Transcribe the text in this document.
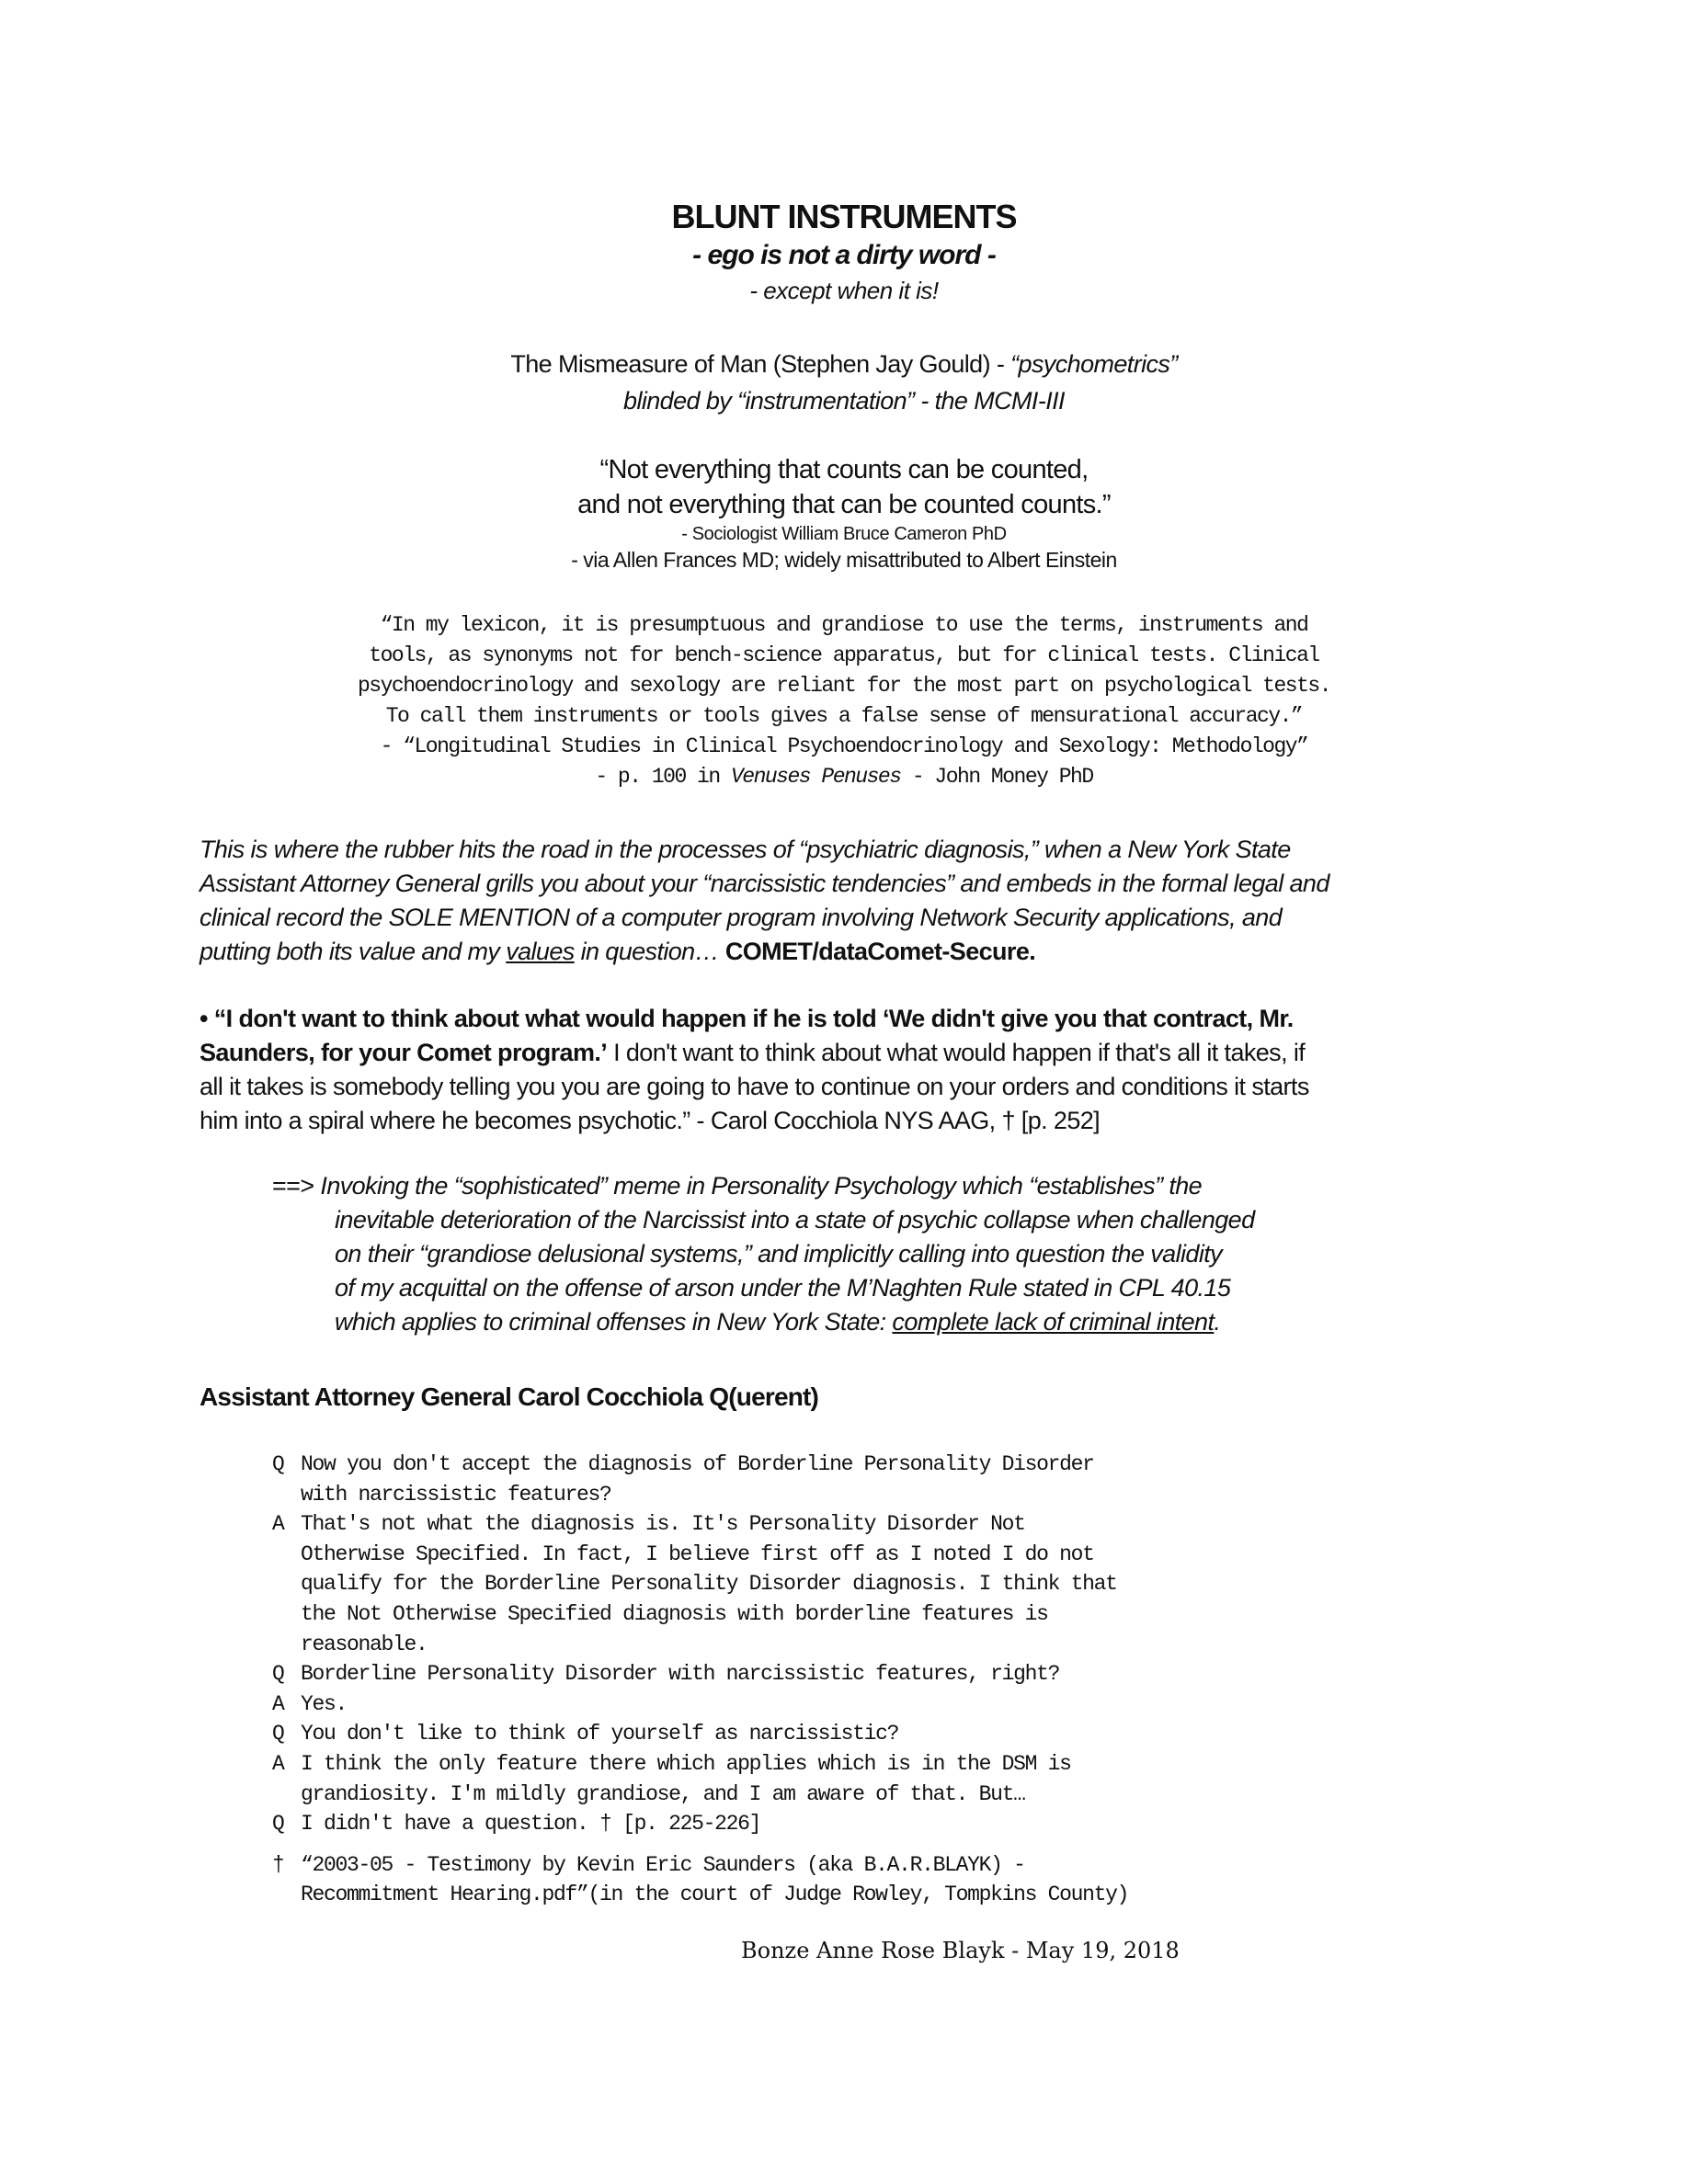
BLUNT INSTRUMENTS
- ego is not a dirty word -
- except when it is!
The Mismeasure of Man (Stephen Jay Gould) - “psychometrics”
blinded by “instrumentation” - the MCMI-III
“Not everything that counts can be counted,
and not everything that can be counted counts.”
- Sociologist William Bruce Cameron PhD
- via Allen Frances MD; widely misattributed to Albert Einstein
“In my lexicon, it is presumptuous and grandiose to use the terms, instruments and
tools, as synonyms not for bench-science apparatus, but for clinical tests. Clinical
psychoendocrinology and sexology are reliant for the most part on psychological tests.
To call them instruments or tools gives a false sense of mensurational accuracy.”
- “Longitudinal Studies in Clinical Psychoendocrinology and Sexology: Methodology”
- p. 100 in Venuses Penuses - John Money PhD
This is where the rubber hits the road in the processes of “psychiatric diagnosis,” when a New York State
Assistant Attorney General grills you about your “narcissistic tendencies” and embeds in the formal legal and
clinical record the SOLE MENTION of a computer program involving Network Security applications, and
putting both its value and my values in question… COMET/dataComet-Secure.
• “I don't want to think about what would happen if he is told ‘We didn't give you that contract, Mr.
Saunders, for your Comet program.’ I don't want to think about what would happen if that's all it takes, if
all it takes is somebody telling you you are going to have to continue on your orders and conditions it starts
him into a spiral where he becomes psychotic.” - Carol Cocchiola NYS AAG, † [p. 252]
==> Invoking the “sophisticated” meme in Personality Psychology which “establishes” the
inevitable deterioration of the Narcissist into a state of psychic collapse when challenged
on their “grandiose delusional systems,” and implicitly calling into question the validity
of my acquittal on the offense of arson under the M’Naghten Rule stated in CPL 40.15
which applies to criminal offenses in New York State: complete lack of criminal intent.
Assistant Attorney General Carol Cocchiola Q(uerent)
Q Now you don't accept the diagnosis of Borderline Personality Disorder
with narcissistic features?
A That's not what the diagnosis is. It's Personality Disorder Not
Otherwise Specified. In fact, I believe first off as I noted I do not
qualify for the Borderline Personality Disorder diagnosis. I think that
the Not Otherwise Specified diagnosis with borderline features is
reasonable.
Q Borderline Personality Disorder with narcissistic features, right?
A Yes.
Q You don't like to think of yourself as narcissistic?
A I think the only feature there which applies which is in the DSM is
grandiosity. I'm mildly grandiose, and I am aware of that. But…
Q I didn't have a question. † [p. 225-226]
† “2003-05 - Testimony by Kevin Eric Saunders (aka B.A.R.BLAYK) -
Recommitment Hearing.pdf”(in the court of Judge Rowley, Tompkins County)
Bonze Anne Rose Blayk - May 19, 2018
